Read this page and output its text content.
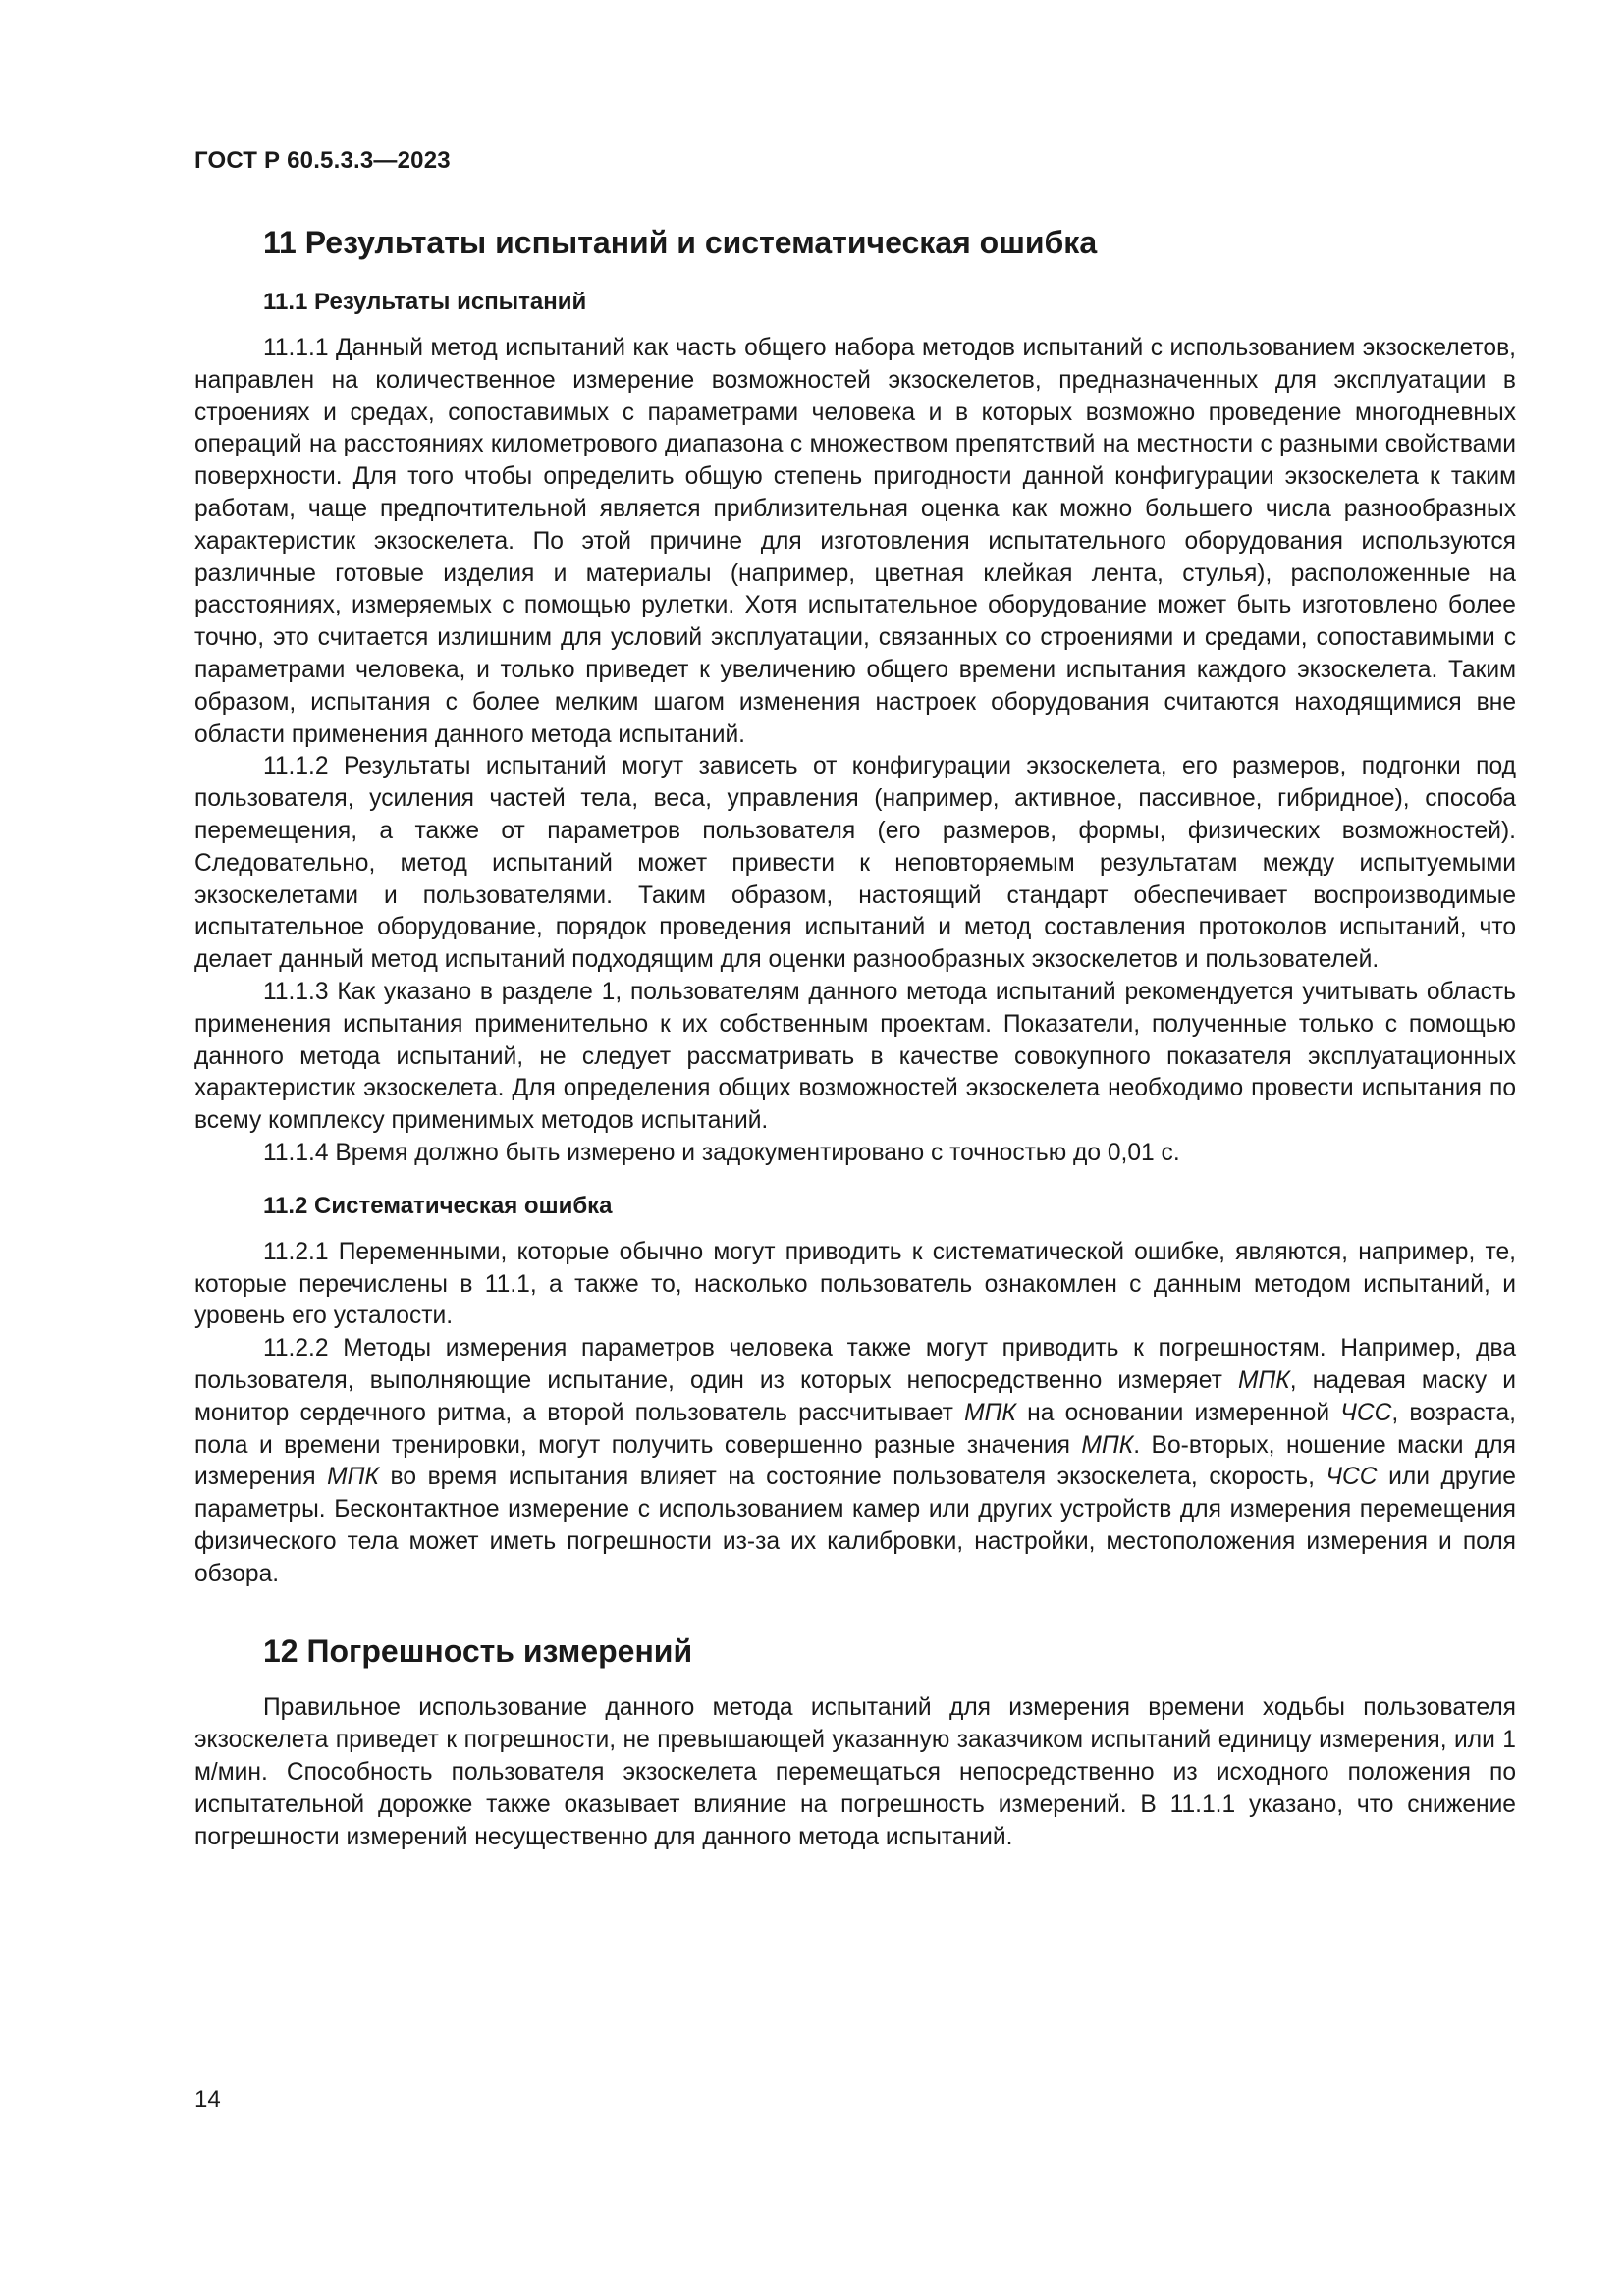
ГОСТ Р 60.5.3.3—2023

11 Результаты испытаний и систематическая ошибка
11.1 Результаты испытаний

11.1.1 Данный метод испытаний как часть общего набора методов испытаний с использованием экзоскелетов, направлен на количественное измерение возможностей экзоскелетов, предназначенных для эксплуатации в строениях и средах, сопоставимых с параметрами человека и в которых возможно проведение многодневных операций на расстояниях километрового диапазона с множеством препятствий на местности с разными свойствами поверхности. Для того чтобы определить общую степень пригодности данной конфигурации экзоскелета к таким работам, чаще предпочтительной является приблизительная оценка как можно большего числа разнообразных характеристик экзоскелета. По этой причине для изготовления испытательного оборудования используются различные готовые изделия и материалы (например, цветная клейкая лента, стулья), расположенные на расстояниях, измеряемых с помощью рулетки. Хотя испытательное оборудование может быть изготовлено более точно, это считается излишним для условий эксплуатации, связанных со строениями и средами, сопоставимыми с параметрами человека, и только приведет к увеличению общего времени испытания каждого экзоскелета. Таким образом, испытания с более мелким шагом изменения настроек оборудования считаются находящимися вне области применения данного метода испытаний.

11.1.2 Результаты испытаний могут зависеть от конфигурации экзоскелета, его размеров, подгонки под пользователя, усиления частей тела, веса, управления (например, активное, пассивное, гибридное), способа перемещения, а также от параметров пользователя (его размеров, формы, физических возможностей). Следовательно, метод испытаний может привести к неповторяемым результатам между испытуемыми экзоскелетами и пользователями. Таким образом, настоящий стандарт обеспечивает воспроизводимые испытательное оборудование, порядок проведения испытаний и метод составления протоколов испытаний, что делает данный метод испытаний подходящим для оценки разнообразных экзоскелетов и пользователей.

11.1.3 Как указано в разделе 1, пользователям данного метода испытаний рекомендуется учитывать область применения испытания применительно к их собственным проектам. Показатели, полученные только с помощью данного метода испытаний, не следует рассматривать в качестве совокупного показателя эксплуатационных характеристик экзоскелета. Для определения общих возможностей экзоскелета необходимо провести испытания по всему комплексу применимых методов испытаний.

11.1.4 Время должно быть измерено и задокументировано с точностью до 0,01 с.

11.2 Систематическая ошибка

11.2.1 Переменными, которые обычно могут приводить к систематической ошибке, являются, например, те, которые перечислены в 11.1, а также то, насколько пользователь ознакомлен с данным методом испытаний, и уровень его усталости.

11.2.2 Методы измерения параметров человека также могут приводить к погрешностям. Например, два пользователя, выполняющие испытание, один из которых непосредственно измеряет МПК, надевая маску и монитор сердечного ритма, а второй пользователь рассчитывает МПК на основании измеренной ЧСС, возраста, пола и времени тренировки, могут получить совершенно разные значения МПК. Во-вторых, ношение маски для измерения МПК во время испытания влияет на состояние пользователя экзоскелета, скорость, ЧСС или другие параметры. Бесконтактное измерение с использованием камер или других устройств для измерения перемещения физического тела может иметь погрешности из-за их калибровки, настройки, местоположения измерения и поля обзора.

12 Погрешность измерений

Правильное использование данного метода испытаний для измерения времени ходьбы пользователя экзоскелета приведет к погрешности, не превышающей указанную заказчиком испытаний единицу измерения, или 1 м/мин. Способность пользователя экзоскелета перемещаться непосредственно из исходного положения по испытательной дорожке также оказывает влияние на погрешность измерений. В 11.1.1 указано, что снижение погрешности измерений несущественно для данного метода испытаний.

14
